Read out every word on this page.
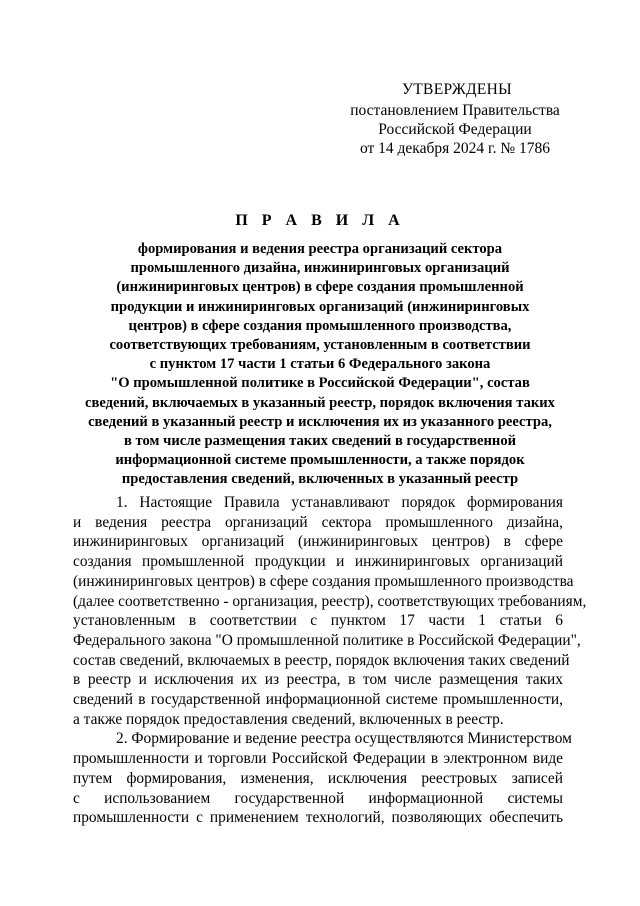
УТВЕРЖДЕНЫ
постановлением Правительства
Российской Федерации
от 14 декабря 2024 г. № 1786
П Р А В И Л А
формирования и ведения реестра организаций сектора
промышленного дизайна, инжиниринговых организаций
(инжиниринговых центров) в сфере создания промышленной
продукции и инжиниринговых организаций (инжиниринговых
центров) в сфере создания промышленного производства,
соответствующих требованиям, установленным в соответствии
с пунктом 17 части 1 статьи 6 Федерального закона
"О промышленной политике в Российской Федерации", состав
сведений, включаемых в указанный реестр, порядок включения таких
сведений в указанный реестр и исключения их из указанного реестра,
в том числе размещения таких сведений в государственной
информационной системе промышленности, а также порядок
предоставления сведений, включенных в указанный реестр
1. Настоящие Правила устанавливают порядок формирования
и ведения реестра организаций сектора промышленного дизайна,
инжиниринговых организаций (инжиниринговых центров) в сфере
создания промышленной продукции и инжиниринговых организаций
(инжиниринговых центров) в сфере создания промышленного производства
(далее соответственно - организация, реестр), соответствующих требованиям,
установленным в соответствии с пунктом 17 части 1 статьи 6
Федерального закона "О промышленной политике в Российской Федерации",
состав сведений, включаемых в реестр, порядок включения таких сведений
в реестр и исключения их из реестра, в том числе размещения таких
сведений в государственной информационной системе промышленности,
а также порядок предоставления сведений, включенных в реестр.
2. Формирование и ведение реестра осуществляются Министерством
промышленности и торговли Российской Федерации в электронном виде
путем формирования, изменения, исключения реестровых записей
с использованием государственной информационной системы
промышленности с применением технологий, позволяющих обеспечить
